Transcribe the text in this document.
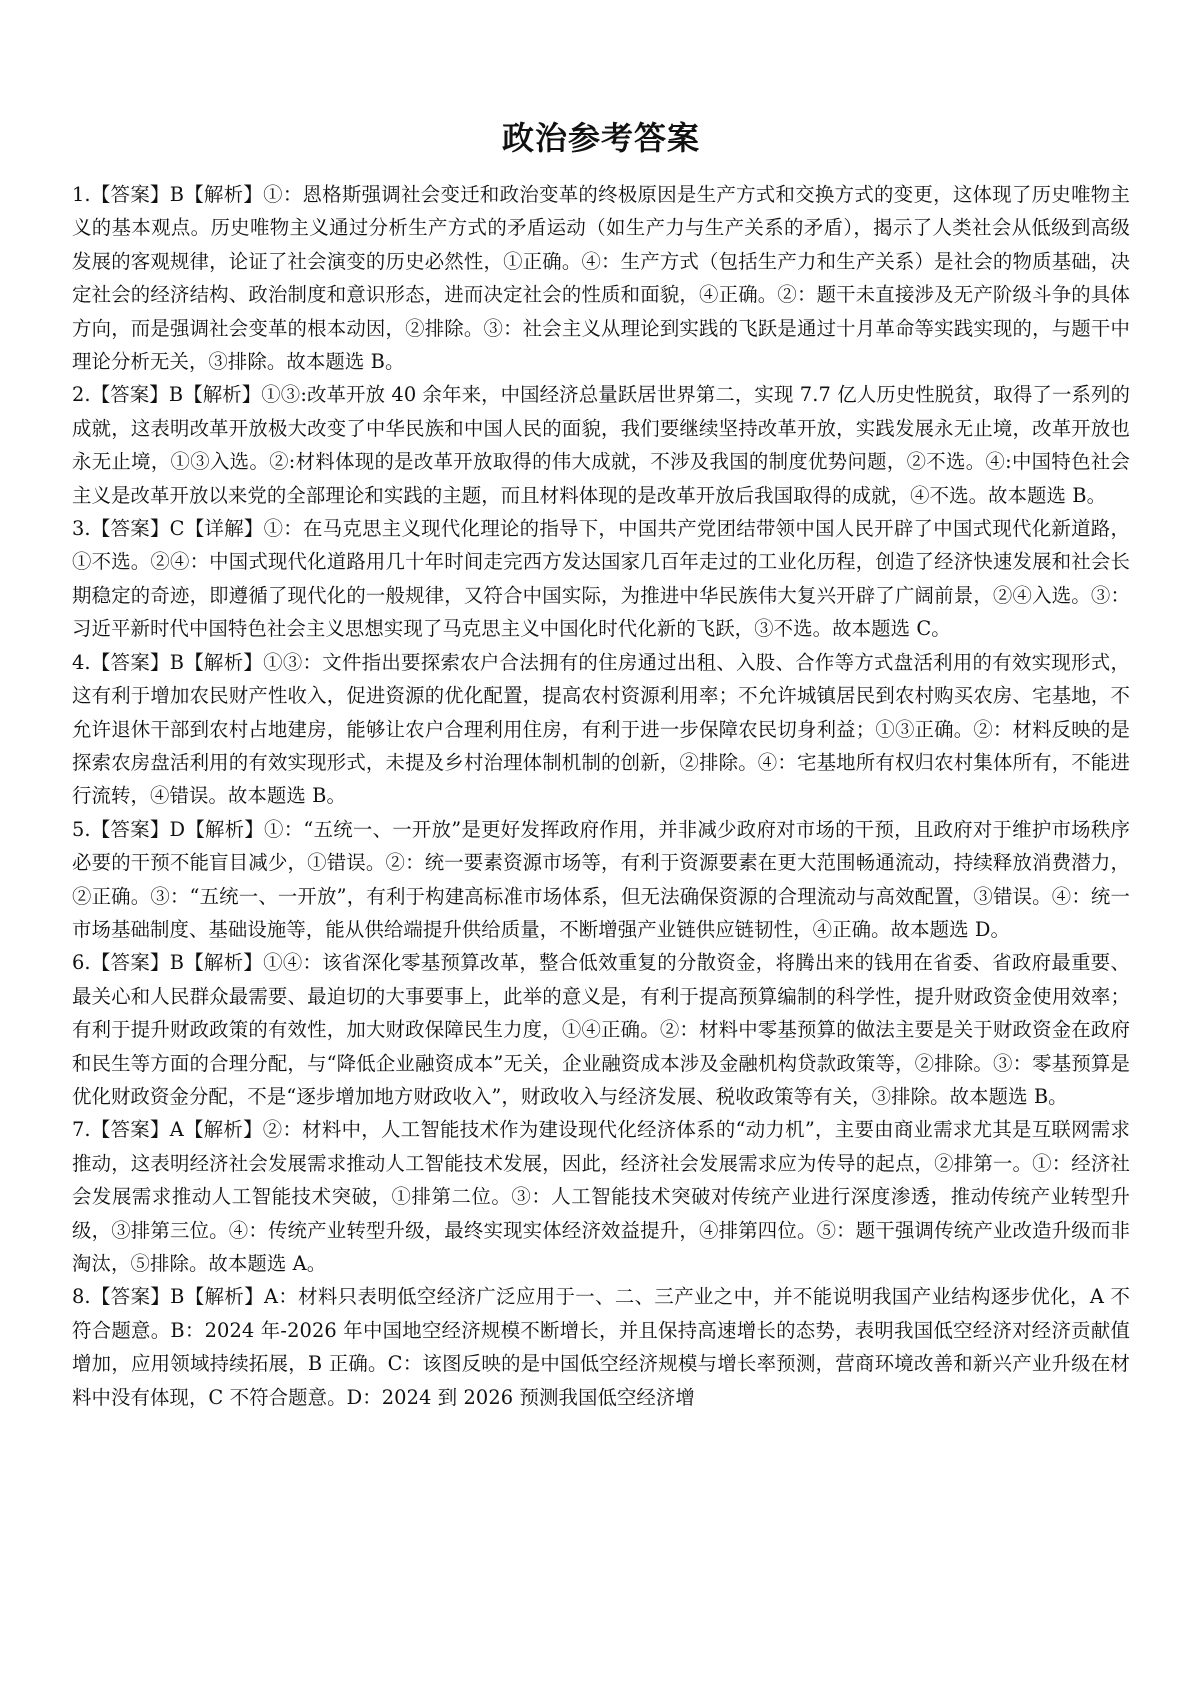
政治参考答案

1.【答案】B【解析】①：恩格斯强调社会变迁和政治变革的终极原因是生产方式和交换方式的变更，这体现了历史唯物主义的基本观点。历史唯物主义通过分析生产方式的矛盾运动（如生产力与生产关系的矛盾），揭示了人类社会从低级到高级发展的客观规律，论证了社会演变的历史必然性，①正确。④：生产方式（包括生产力和生产关系）是社会的物质基础，决定社会的经济结构、政治制度和意识形态，进而决定社会的性质和面貌，④正确。②：题干未直接涉及无产阶级斗争的具体方向，而是强调社会变革的根本动因，②排除。③：社会主义从理论到实践的飞跃是通过十月革命等实践实现的，与题干中理论分析无关，③排除。故本题选 B。

2.【答案】B【解析】①③:改革开放 40 余年来，中国经济总量跃居世界第二，实现 7.7 亿人历史性脱贫，取得了一系列的成就，这表明改革开放极大改变了中华民族和中国人民的面貌，我们要继续坚持改革开放，实践发展永无止境，改革开放也永无止境，①③入选。②:材料体现的是改革开放取得的伟大成就，不涉及我国的制度优势问题，②不选。④:中国特色社会主义是改革开放以来党的全部理论和实践的主题，而且材料体现的是改革开放后我国取得的成就，④不选。故本题选 B。

3.【答案】C【详解】①：在马克思主义现代化理论的指导下，中国共产党团结带领中国人民开辟了中国式现代化新道路，①不选。②④：中国式现代化道路用几十年时间走完西方发达国家几百年走过的工业化历程，创造了经济快速发展和社会长期稳定的奇迹，即遵循了现代化的一般规律，又符合中国实际，为推进中华民族伟大复兴开辟了广阔前景，②④入选。③：习近平新时代中国特色社会主义思想实现了马克思主义中国化时代化新的飞跃，③不选。故本题选 C。

4.【答案】B【解析】①③：文件指出要探索农户合法拥有的住房通过出租、入股、合作等方式盘活利用的有效实现形式，这有利于增加农民财产性收入，促进资源的优化配置，提高农村资源利用率；不允许城镇居民到农村购买农房、宅基地，不允许退休干部到农村占地建房，能够让农户合理利用住房，有利于进一步保障农民切身利益；①③正确。②：材料反映的是探索农房盘活利用的有效实现形式，未提及乡村治理体制机制的创新，②排除。④：宅基地所有权归农村集体所有，不能进行流转，④错误。故本题选 B。

5.【答案】D【解析】①：“五统一、一开放”是更好发挥政府作用，并非减少政府对市场的干预，且政府对于维护市场秩序必要的干预不能盲目减少，①错误。②：统一要素资源市场等，有利于资源要素在更大范围畅通流动，持续释放消费潜力，②正确。③：“五统一、一开放”，有利于构建高标准市场体系，但无法确保资源的合理流动与高效配置，③错误。④：统一市场基础制度、基础设施等，能从供给端提升供给质量，不断增强产业链供应链韧性，④正确。故本题选 D。

6.【答案】B【解析】①④：该省深化零基预算改革，整合低效重复的分散资金，将腾出来的钱用在省委、省政府最重要、最关心和人民群众最需要、最迫切的大事要事上，此举的意义是，有利于提高预算编制的科学性，提升财政资金使用效率；有利于提升财政政策的有效性，加大财政保障民生力度，①④正确。②：材料中零基预算的做法主要是关于财政资金在政府和民生等方面的合理分配，与“降低企业融资成本”无关，企业融资成本涉及金融机构贷款政策等，②排除。③：零基预算是优化财政资金分配，不是“逐步增加地方财政收入”，财政收入与经济发展、税收政策等有关，③排除。故本题选 B。

7.【答案】A【解析】②：材料中，人工智能技术作为建设现代化经济体系的“动力机”，主要由商业需求尤其是互联网需求推动，这表明经济社会发展需求推动人工智能技术发展，因此，经济社会发展需求应为传导的起点，②排第一。①：经济社会发展需求推动人工智能技术突破，①排第二位。③：人工智能技术突破对传统产业进行深度渗透，推动传统产业转型升级，③排第三位。④：传统产业转型升级，最终实现实体经济效益提升，④排第四位。⑤：题干强调传统产业改造升级而非淘汰，⑤排除。故本题选 A。

8.【答案】B【解析】A：材料只表明低空经济广泛应用于一、二、三产业之中，并不能说明我国产业结构逐步优化，A 不符合题意。B：2024 年-2026 年中国地空经济规模不断增长，并且保持高速增长的态势，表明我国低空经济对经济贡献值增加，应用领域持续拓展，B 正确。C：该图反映的是中国低空经济规模与增长率预测，营商环境改善和新兴产业升级在材料中没有体现，C 不符合题意。D：2024 到 2026 预测我国低空经济增
